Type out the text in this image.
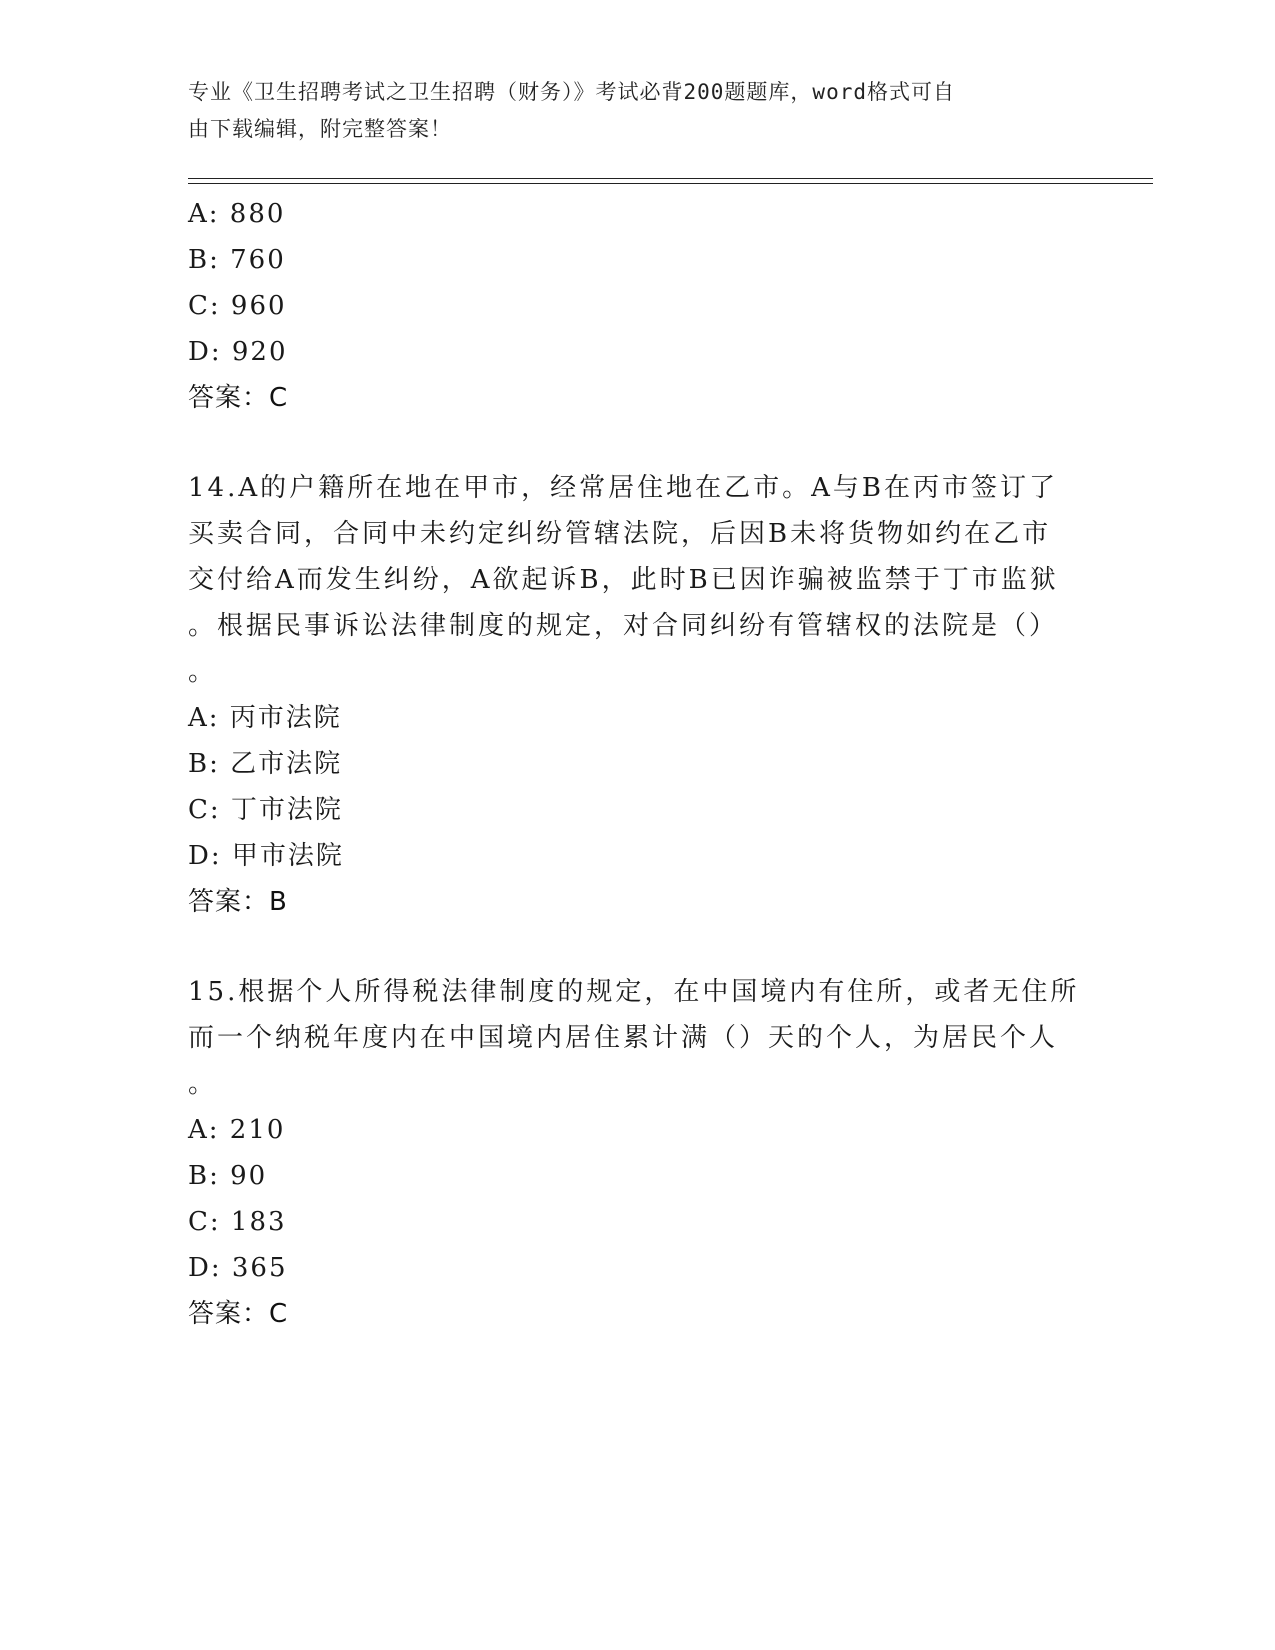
专业《卫生招聘考试之卫生招聘（财务）》考试必背200题题库，word格式可自
由下载编辑，附完整答案！
A: 880
B: 760
C: 960
D: 920
答案：C
14.A的户籍所在地在甲市，经常居住地在乙市。A与B在丙市签订了
买卖合同，合同中未约定纠纷管辖法院，后因B未将货物如约在乙市
交付给A而发生纠纷，A欲起诉B，此时B已因诈骗被监禁于丁市监狱
。根据民事诉讼法律制度的规定，对合同纠纷有管辖权的法院是（）
。
A: 丙市法院
B: 乙市法院
C: 丁市法院
D: 甲市法院
答案：B
15.根据个人所得税法律制度的规定，在中国境内有住所，或者无住所
而一个纳税年度内在中国境内居住累计满（）天的个人，为居民个人
。
A: 210
B: 90
C: 183
D: 365
答案：C
